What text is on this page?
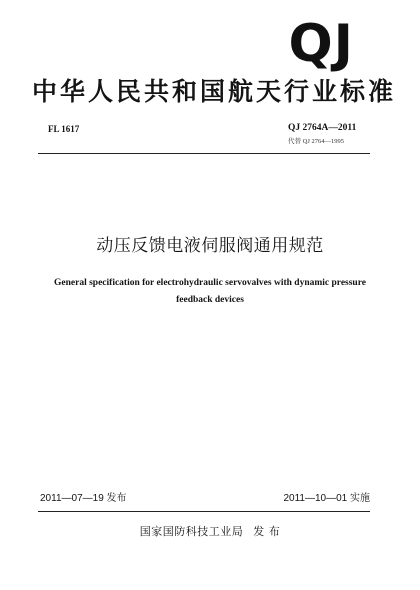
QJ
中华人民共和国航天行业标准
FL 1617	QJ 2764A—2011
代替 QJ 2764—1995
动压反馈电液伺服阀通用规范
General specification for electrohydraulic servovalves with dynamic pressure
feedback devices
2011—07—19 发布	2011—10—01 实施
国家国防科技工业局 发 布
